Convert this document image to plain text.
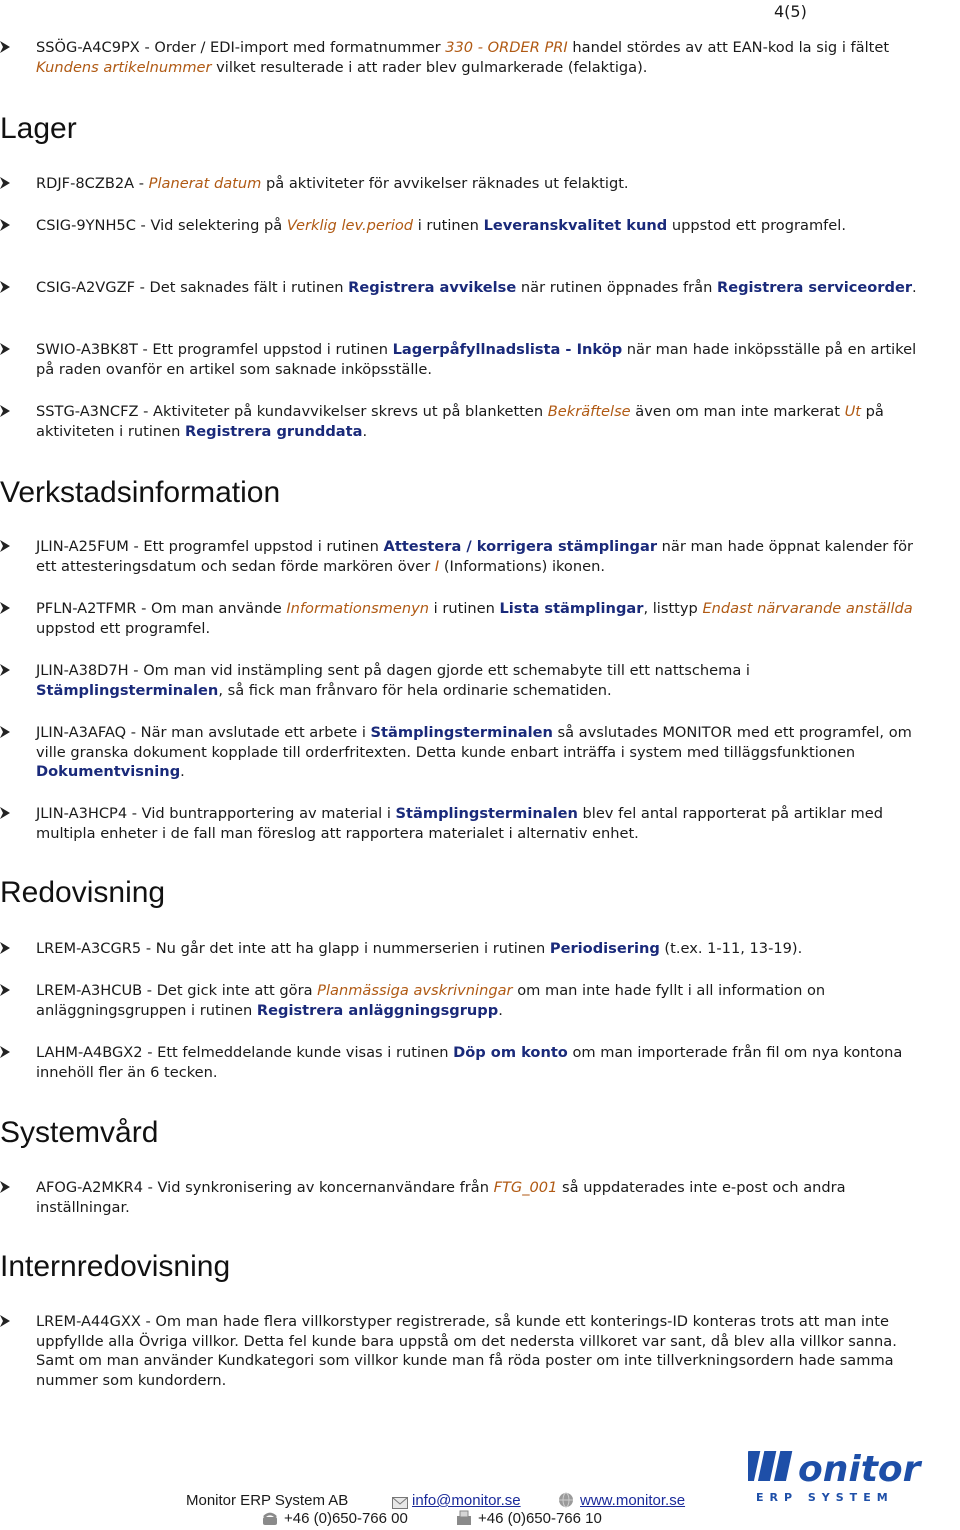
4(5)
SSÖG-A4C9PX - Order / EDI-import med formatnummer 330 - ORDER PRI handel stördes av att EAN-kod la sig i fältet Kundens artikelnummer vilket resulterade i att rader blev gulmarkerade (felaktiga).
Lager
RDJF-8CZB2A - Planerat datum på aktiviteter för avvikelser räknades ut felaktigt.
CSIG-9YNH5C - Vid selektering på Verklig lev.period i rutinen Leveranskvalitet kund uppstod ett programfel.
CSIG-A2VGZF - Det saknades fält i rutinen Registrera avvikelse när rutinen öppnades från Registrera serviceorder.
SWIO-A3BK8T - Ett programfel uppstod i rutinen Lagerpåfyllnadslista - Inköp när man hade inköpsställe på en artikel på raden ovanför en artikel som saknade inköpsställe.
SSTG-A3NCFZ - Aktiviteter på kundavvikelser skrevs ut på blanketten Bekräftelse även om man inte markerat Ut på aktiviteten i rutinen Registrera grunddata.
Verkstadsinformation
JLIN-A25FUM - Ett programfel uppstod i rutinen Attestera / korrigera stämplingar när man hade öppnat kalender för ett attesteringsdatum och sedan förde markören över I (Informations) ikonen.
PFLN-A2TFMR - Om man använde Informationsmenyn i rutinen Lista stämplingar, listtyp Endast närvarande anställda uppstod ett programfel.
JLIN-A38D7H - Om man vid instämpling sent på dagen gjorde ett schemabyte till ett nattschema i Stämplingsterminalen, så fick man frånvaro för hela ordinarie schematiden.
JLIN-A3AFAQ - När man avslutade ett arbete i Stämplingsterminalen så avslutades MONITOR med ett programfel, om ville granska dokument kopplade till orderfritexten. Detta kunde enbart inträffa i system med tilläggsfunktionen Dokumentvisning.
JLIN-A3HCP4 - Vid buntrapportering av material i Stämplingsterminalen blev fel antal rapporterat på artiklar med multipla enheter i de fall man föreslog att rapportera materialet i alternativ enhet.
Redovisning
LREM-A3CGR5 - Nu går det inte att ha glapp i nummerserien i rutinen Periodisering (t.ex. 1-11, 13-19).
LREM-A3HCUB - Det gick inte att göra Planmässiga avskrivningar om man inte hade fyllt i all information on anläggningsgruppen i rutinen Registrera anläggningsgrupp.
LAHM-A4BGX2 - Ett felmeddelande kunde visas i rutinen Döp om konto om man importerade från fil om nya kontona innehöll fler än 6 tecken.
Systemvård
AFOG-A2MKR4 - Vid synkronisering av koncernanvändare från FTG_001 så uppdaterades inte e-post och andra inställningar.
Internredovisning
LREM-A44GXX - Om man hade flera villkorstyper registrerade, så kunde ett konterings-ID konteras trots att man inte uppfyllde alla Övriga villkor. Detta fel kunde bara uppstå om det nedersta villkoret var sant, då blev alla villkor sanna. Samt om man använder Kundkategori som villkor kunde man få röda poster om inte tillverkningsordern hade samma nummer som kundordern.
Monitor ERP System AB	info@monitor.se	www.monitor.se
+46 (0)650-766 00	+46 (0)650-766 10
onitor
ERP SYSTEM
